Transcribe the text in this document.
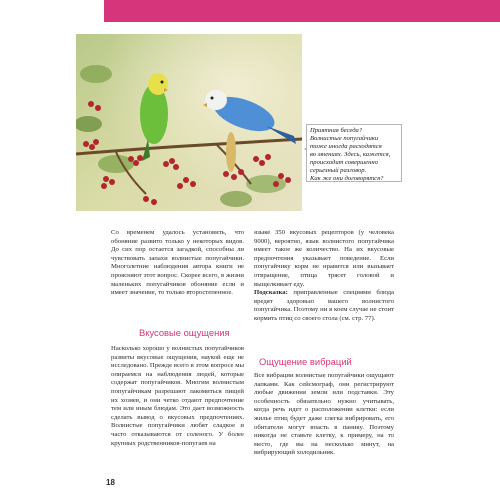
Приятная беседа?
Волнистые попугайчики
тоже иногда расходятся
во мнениях. Здесь, кажется,
происходит совершенно
серьезный разговор.
Как же они договорятся?

Со временем удалось установить, что обоняние развито только у некоторых видов. До сих пор остается загадкой, способны ли чувствовать запахи волнистые попугайчики. Многолетние наблюдения автора книги не проясняют этот вопрос. Скорее всего, в жизни маленьких попугайчиков обоняние если и имеет значение, то только второстепенное.

Вкусовые ощущения

Насколько хорошо у волнистых попугайчиков развиты вкусовые ощущения, наукой еще не исследовано. Прежде всего в этом вопросе мы опираемся на наблюдения людей, которые содержат попугайчиков. Многим волнистым попугайчикам разрешают лакомиться пищей их хозяев, и они четко отдают предпочтение тем или иным блюдам. Это дает возможность сделать вывод о вкусовых предпочтениях. Волнистые попугайчики любят сладкое и часто отказываются от соленого. У более крупных родственников-попугаев на

языке 350 вкусовых рецепторов (у человека 9000), вероятно, язык волнистого попугайчика имеет такое же количество. На их вкусовые предпочтения указывает поведение. Если попугайчику корм не нравится или вызывает отвращение, птица трясет головой и выщелкивает еду.

Подсказка: приправленные специями блюда вредят здоровью вашего волнистого попугайчика. Поэтому ни в коем случае не стоит кормить птиц со своего стола (см. стр. 77).

Ощущение вибраций

Все вибрации волнистые попугайчики ощущают лапками. Как сейсмограф, они регистрируют любые движения земли или подставки. Эту особенность обязательно нужно учитывать, когда речь идет о расположении клетки: если жилье птиц будет даже слегка вибрировать, его обитатели могут впасть в панику. Поэтому никогда не ставьте клетку, к примеру, на то место, где вы на несколько минут, на вибрирующий холодильник.

18
